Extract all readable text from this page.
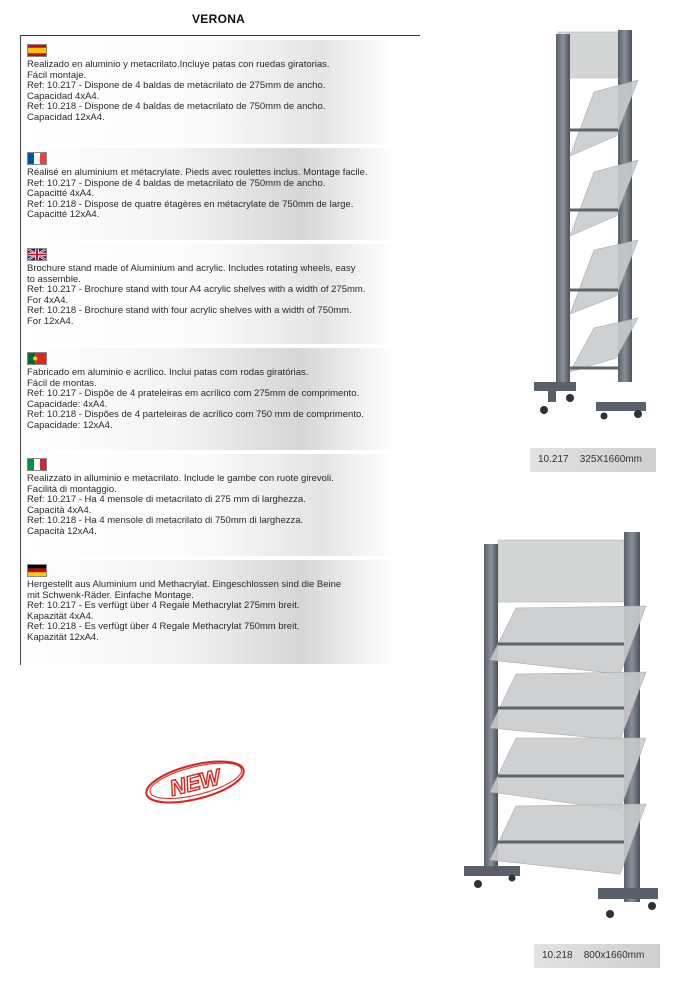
VERONA
Realizado en aluminio y metacrilato.Incluye patas con ruedas giratorias.
Fácil montaje.
Ref: 10.217 - Dispone de 4 baldas de metacrilato de 275mm de ancho.
Capacidad 4xA4.
Ref: 10.218 - Dispone de 4 baldas de metacrilato de 750mm de ancho.
Capacidad 12xA4.
Réalisé en aluminium et métacrylate. Pieds avec roulettes inclus. Montage facile.
Ref: 10.217 - Dispone de 4 baldas de metacrilato de 750mm de ancho.
Capacitté 4xA4.
Ref: 10.218 - Dispose de quatre étagères en métacrylate de 750mm de large.
Capacitté 12xA4.
Brochure stand made of Aluminium and acrylic. Includes rotating wheels, easy
to assemble.
Ref: 10.217 - Brochure stand with tour A4 acrylic shelves with a width of 275mm.
For 4xA4.
Ref: 10.218 - Brochure stand with four acrylic shelves with a width of 750mm.
For 12xA4.
Fabricado em aluminio e acrílico. Inclui patas com rodas giratórias.
Fácil de montas.
Ref: 10.217 - Dispõe de 4 prateleiras em acrílico com 275mm de comprimento.
Capacidade: 4xA4.
Ref: 10.218 - Dispões de 4 parteleiras de acrílico com 750 mm de comprimento.
Capacidade: 12xA4.
Realizzato in alluminio e metacrilato. Include le gambe con ruote girevoli.
Facilità di montaggio.
Ref: 10.217 - Ha 4 mensole di metacrilato di 275 mm di larghezza.
Capacità 4xA4.
Ref: 10.218 - Ha 4 mensole di metacrilato di 750mm di larghezza.
Capacità 12xA4.
Hergestellt aus Aluminium und Methacrylat. Eingeschlossen sind die Beine
mit Schwenk-Räder. Einfache Montage.
Ref: 10.217 - Es verfügt über 4 Regale Methacrylat 275mm breit.
Kapazität 4xA4.
Ref: 10.218 - Es verfügt über 4 Regale Methacrylat 750mm breit.
Kapazität 12xA4.
NEW
10.217 325X1660mm
10.218 800x1660mm
